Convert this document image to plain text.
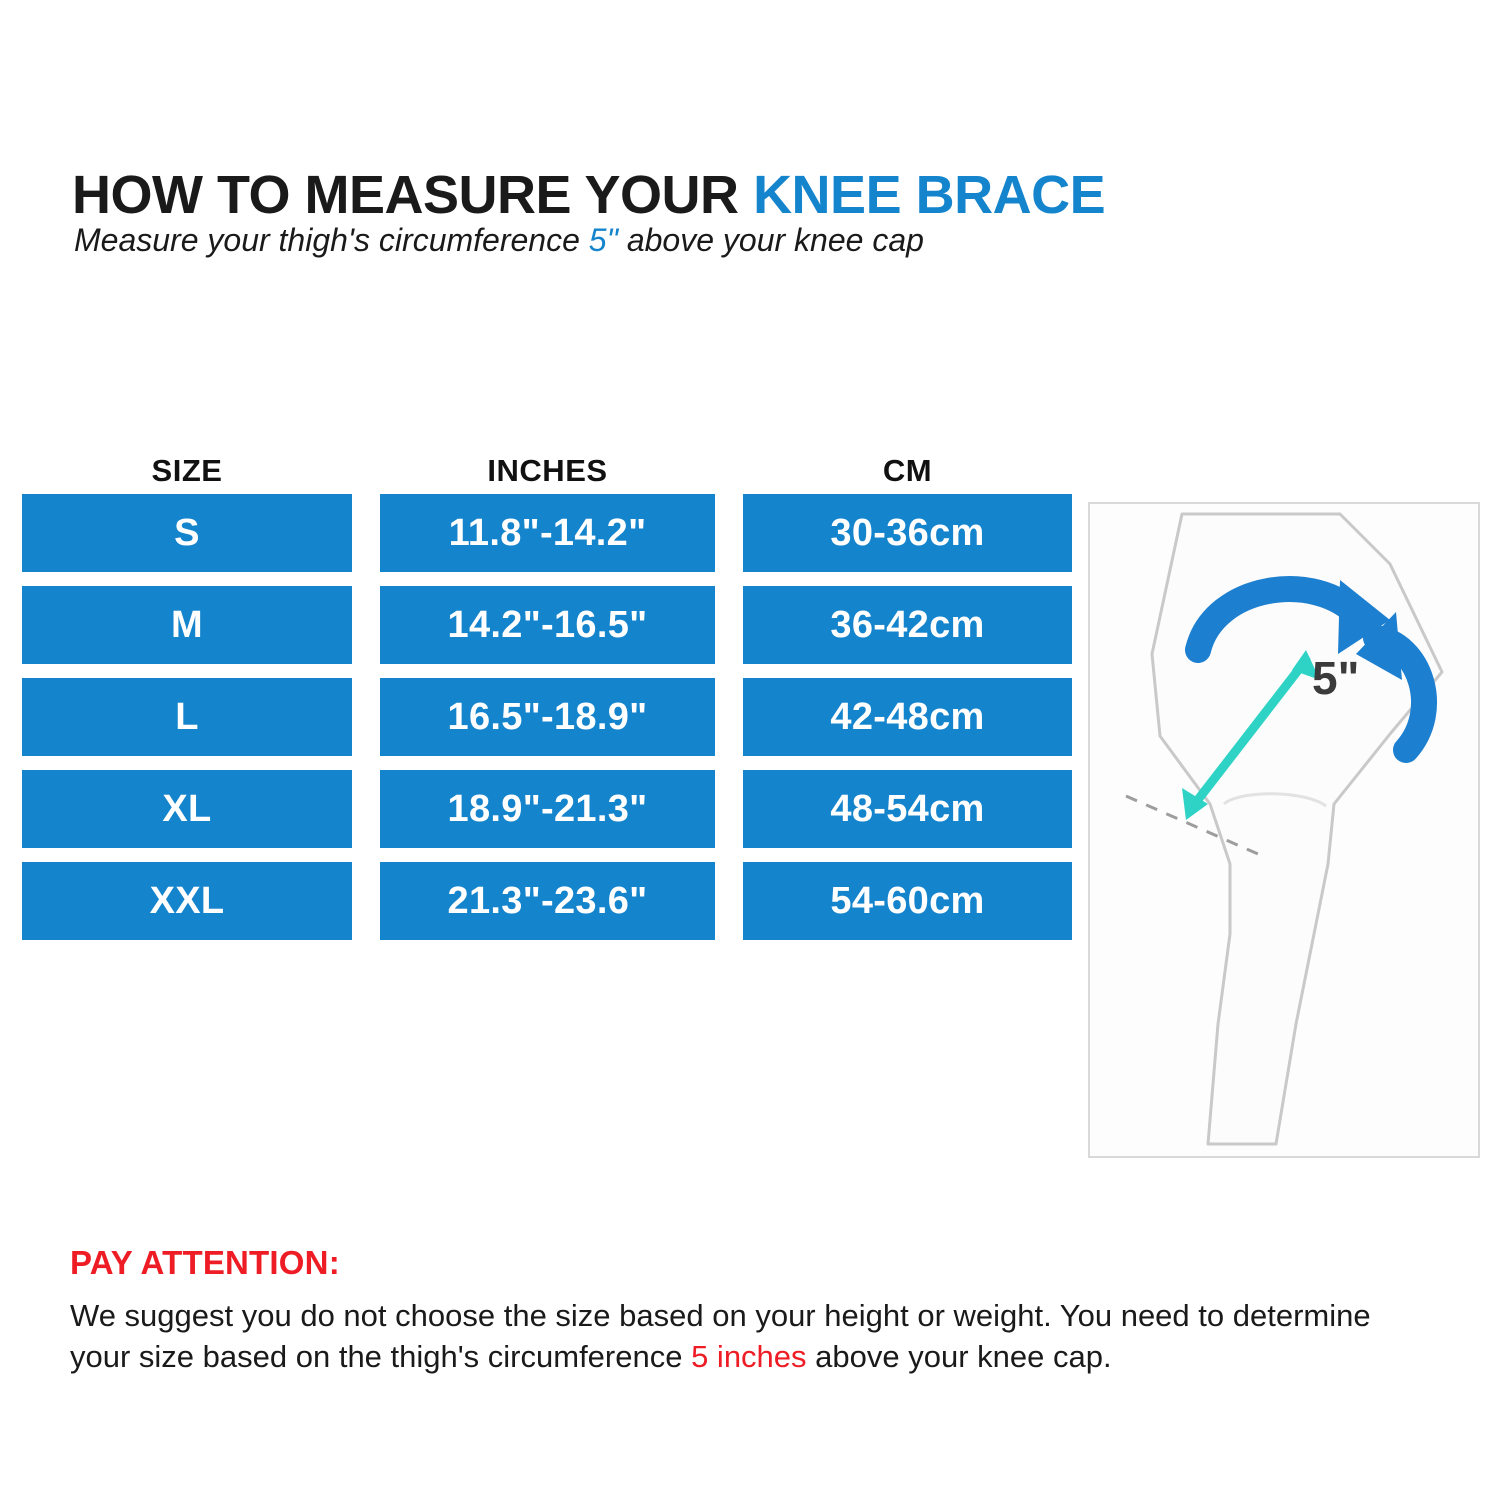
HOW TO MEASURE YOUR KNEE BRACE
Measure your thigh's circumference 5" above your knee cap
SIZE	INCHES	CM
S	11.8"-14.2"	30-36cm
M	14.2"-16.5"	36-42cm
L	16.5"-18.9"	42-48cm
XL	18.9"-21.3"	48-54cm
XXL	21.3"-23.6"	54-60cm
5"
PAY ATTENTION:
We suggest you do not choose the size based on your height or weight. You need to determine your size based on the thigh's circumference 5 inches above your knee cap.
